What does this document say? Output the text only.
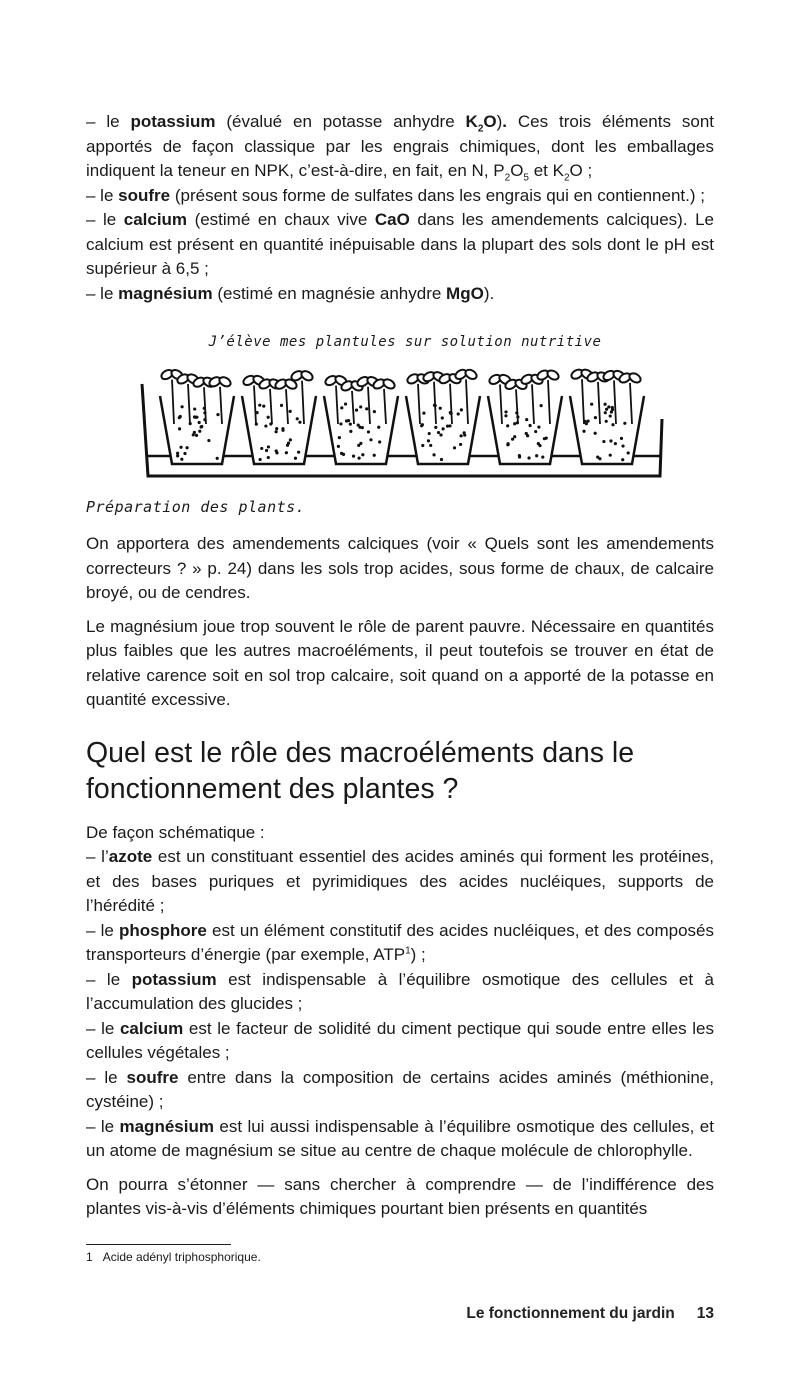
– le potassium (évalué en potasse anhydre $K_2O$). Ces trois éléments sont apportés de façon classique par les engrais chimiques, dont les emballages indiquent la teneur en NPK, c’est-à-dire, en fait, en N, $P_2O_5$ et $K_2O$ ;

– le soufre (présent sous forme de sulfates dans les engrais qui en contiennent.) ;

– le calcium (estimé en chaux vive CaO dans les amendements calciques). Le calcium est présent en quantité inépuisable dans la plupart des sols dont le pH est supérieur à 6,5 ;

– le magnésium (estimé en magnésie anhydre MgO).

J’élève mes plantules sur solution nutritive
Préparation des plants.

On apportera des amendements calciques (voir « Quels sont les amendements correcteurs ? » p. 24) dans les sols trop acides, sous forme de chaux, de calcaire broyé, ou de cendres.

Le magnésium joue trop souvent le rôle de parent pauvre. Nécessaire en quantités plus faibles que les autres macroéléments, il peut toutefois se trouver en état de relative carence soit en sol trop calcaire, soit quand on a apporté de la potasse en quantité excessive.

Quel est le rôle des macroéléments dans le fonctionnement des plantes ?

De façon schématique :

– l’azote est un constituant essentiel des acides aminés qui forment les protéines, et des bases puriques et pyrimidiques des acides nucléiques, supports de l’hérédité ;

– le phosphore est un élément constitutif des acides nucléiques, et des composés transporteurs d’énergie (par exemple, ATP$^1$) ;

– le potassium est indispensable à l’équilibre osmotique des cellules et à l’accumulation des glucides ;

– le calcium est le facteur de solidité du ciment pectique qui soude entre elles les cellules végétales ;

– le soufre entre dans la composition de certains acides aminés (méthionine, cystéine) ;

– le magnésium est lui aussi indispensable à l’équilibre osmotique des cellules, et un atome de magnésium se situe au centre de chaque molécule de chlorophylle.

On pourra s’étonner — sans chercher à comprendre — de l’indifférence des plantes vis-à-vis d’éléments chimiques pourtant bien présents en quantités

1 Acide adényl triphosphorique.
Le fonctionnement du jardin 13
